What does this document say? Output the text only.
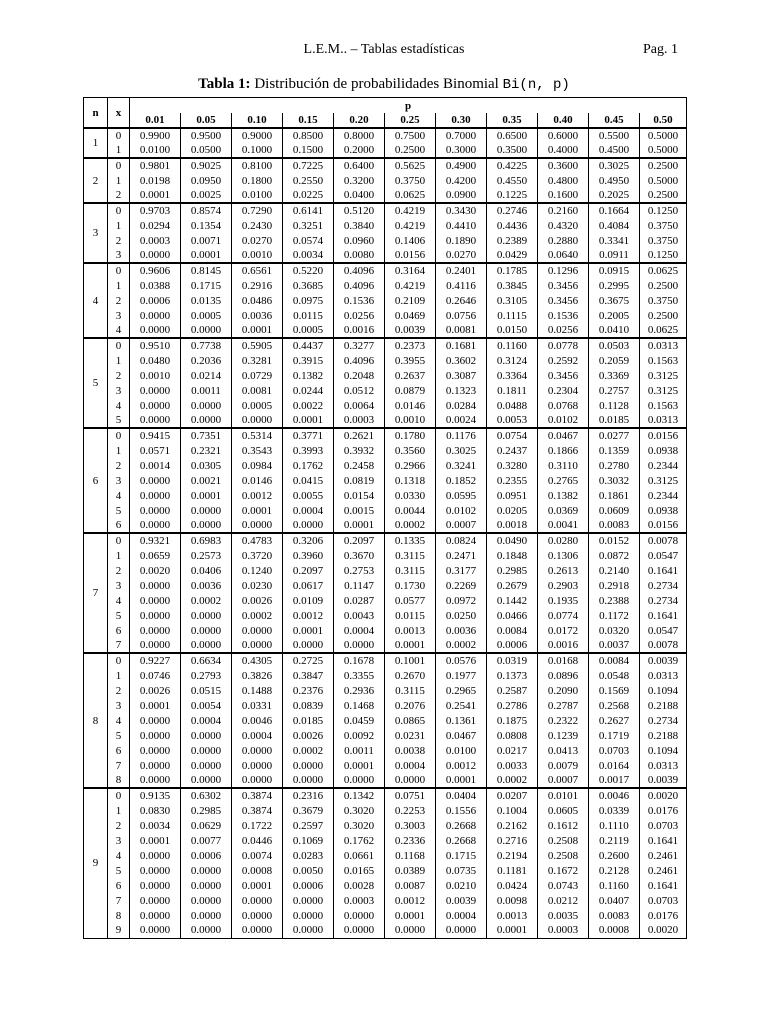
L.E.M.. – Tablas estadísticas	Pag. 1
Tabla 1: Distribución de probabilidades Binomial Bi(n, p)
n	x	p										
		0.01	0.05	0.10	0.15	0.20	0.25	0.30	0.35	0.40	0.45	0.50
1	0	0.9900	0.9500	0.9000	0.8500	0.8000	0.7500	0.7000	0.6500	0.6000	0.5500	0.5000
	1	0.0100	0.0500	0.1000	0.1500	0.2000	0.2500	0.3000	0.3500	0.4000	0.4500	0.5000
2	0	0.9801	0.9025	0.8100	0.7225	0.6400	0.5625	0.4900	0.4225	0.3600	0.3025	0.2500
	1	0.0198	0.0950	0.1800	0.2550	0.3200	0.3750	0.4200	0.4550	0.4800	0.4950	0.5000
	2	0.0001	0.0025	0.0100	0.0225	0.0400	0.0625	0.0900	0.1225	0.1600	0.2025	0.2500
3	0	0.9703	0.8574	0.7290	0.6141	0.5120	0.4219	0.3430	0.2746	0.2160	0.1664	0.1250
	1	0.0294	0.1354	0.2430	0.3251	0.3840	0.4219	0.4410	0.4436	0.4320	0.4084	0.3750
	2	0.0003	0.0071	0.0270	0.0574	0.0960	0.1406	0.1890	0.2389	0.2880	0.3341	0.3750
	3	0.0000	0.0001	0.0010	0.0034	0.0080	0.0156	0.0270	0.0429	0.0640	0.0911	0.1250
4	0	0.9606	0.8145	0.6561	0.5220	0.4096	0.3164	0.2401	0.1785	0.1296	0.0915	0.0625
	1	0.0388	0.1715	0.2916	0.3685	0.4096	0.4219	0.4116	0.3845	0.3456	0.2995	0.2500
	2	0.0006	0.0135	0.0486	0.0975	0.1536	0.2109	0.2646	0.3105	0.3456	0.3675	0.3750
	3	0.0000	0.0005	0.0036	0.0115	0.0256	0.0469	0.0756	0.1115	0.1536	0.2005	0.2500
	4	0.0000	0.0000	0.0001	0.0005	0.0016	0.0039	0.0081	0.0150	0.0256	0.0410	0.0625
5	0	0.9510	0.7738	0.5905	0.4437	0.3277	0.2373	0.1681	0.1160	0.0778	0.0503	0.0313
	1	0.0480	0.2036	0.3281	0.3915	0.4096	0.3955	0.3602	0.3124	0.2592	0.2059	0.1563
	2	0.0010	0.0214	0.0729	0.1382	0.2048	0.2637	0.3087	0.3364	0.3456	0.3369	0.3125
	3	0.0000	0.0011	0.0081	0.0244	0.0512	0.0879	0.1323	0.1811	0.2304	0.2757	0.3125
	4	0.0000	0.0000	0.0005	0.0022	0.0064	0.0146	0.0284	0.0488	0.0768	0.1128	0.1563
	5	0.0000	0.0000	0.0000	0.0001	0.0003	0.0010	0.0024	0.0053	0.0102	0.0185	0.0313
6	0	0.9415	0.7351	0.5314	0.3771	0.2621	0.1780	0.1176	0.0754	0.0467	0.0277	0.0156
	1	0.0571	0.2321	0.3543	0.3993	0.3932	0.3560	0.3025	0.2437	0.1866	0.1359	0.0938
	2	0.0014	0.0305	0.0984	0.1762	0.2458	0.2966	0.3241	0.3280	0.3110	0.2780	0.2344
	3	0.0000	0.0021	0.0146	0.0415	0.0819	0.1318	0.1852	0.2355	0.2765	0.3032	0.3125
	4	0.0000	0.0001	0.0012	0.0055	0.0154	0.0330	0.0595	0.0951	0.1382	0.1861	0.2344
	5	0.0000	0.0000	0.0001	0.0004	0.0015	0.0044	0.0102	0.0205	0.0369	0.0609	0.0938
	6	0.0000	0.0000	0.0000	0.0000	0.0001	0.0002	0.0007	0.0018	0.0041	0.0083	0.0156
7	0	0.9321	0.6983	0.4783	0.3206	0.2097	0.1335	0.0824	0.0490	0.0280	0.0152	0.0078
	1	0.0659	0.2573	0.3720	0.3960	0.3670	0.3115	0.2471	0.1848	0.1306	0.0872	0.0547
	2	0.0020	0.0406	0.1240	0.2097	0.2753	0.3115	0.3177	0.2985	0.2613	0.2140	0.1641
	3	0.0000	0.0036	0.0230	0.0617	0.1147	0.1730	0.2269	0.2679	0.2903	0.2918	0.2734
	4	0.0000	0.0002	0.0026	0.0109	0.0287	0.0577	0.0972	0.1442	0.1935	0.2388	0.2734
	5	0.0000	0.0000	0.0002	0.0012	0.0043	0.0115	0.0250	0.0466	0.0774	0.1172	0.1641
	6	0.0000	0.0000	0.0000	0.0001	0.0004	0.0013	0.0036	0.0084	0.0172	0.0320	0.0547
	7	0.0000	0.0000	0.0000	0.0000	0.0000	0.0001	0.0002	0.0006	0.0016	0.0037	0.0078
8	0	0.9227	0.6634	0.4305	0.2725	0.1678	0.1001	0.0576	0.0319	0.0168	0.0084	0.0039
	1	0.0746	0.2793	0.3826	0.3847	0.3355	0.2670	0.1977	0.1373	0.0896	0.0548	0.0313
	2	0.0026	0.0515	0.1488	0.2376	0.2936	0.3115	0.2965	0.2587	0.2090	0.1569	0.1094
	3	0.0001	0.0054	0.0331	0.0839	0.1468	0.2076	0.2541	0.2786	0.2787	0.2568	0.2188
	4	0.0000	0.0004	0.0046	0.0185	0.0459	0.0865	0.1361	0.1875	0.2322	0.2627	0.2734
	5	0.0000	0.0000	0.0004	0.0026	0.0092	0.0231	0.0467	0.0808	0.1239	0.1719	0.2188
	6	0.0000	0.0000	0.0000	0.0002	0.0011	0.0038	0.0100	0.0217	0.0413	0.0703	0.1094
	7	0.0000	0.0000	0.0000	0.0000	0.0001	0.0004	0.0012	0.0033	0.0079	0.0164	0.0313
	8	0.0000	0.0000	0.0000	0.0000	0.0000	0.0000	0.0001	0.0002	0.0007	0.0017	0.0039
9	0	0.9135	0.6302	0.3874	0.2316	0.1342	0.0751	0.0404	0.0207	0.0101	0.0046	0.0020
	1	0.0830	0.2985	0.3874	0.3679	0.3020	0.2253	0.1556	0.1004	0.0605	0.0339	0.0176
	2	0.0034	0.0629	0.1722	0.2597	0.3020	0.3003	0.2668	0.2162	0.1612	0.1110	0.0703
	3	0.0001	0.0077	0.0446	0.1069	0.1762	0.2336	0.2668	0.2716	0.2508	0.2119	0.1641
	4	0.0000	0.0006	0.0074	0.0283	0.0661	0.1168	0.1715	0.2194	0.2508	0.2600	0.2461
	5	0.0000	0.0000	0.0008	0.0050	0.0165	0.0389	0.0735	0.1181	0.1672	0.2128	0.2461
	6	0.0000	0.0000	0.0001	0.0006	0.0028	0.0087	0.0210	0.0424	0.0743	0.1160	0.1641
	7	0.0000	0.0000	0.0000	0.0000	0.0003	0.0012	0.0039	0.0098	0.0212	0.0407	0.0703
	8	0.0000	0.0000	0.0000	0.0000	0.0000	0.0001	0.0004	0.0013	0.0035	0.0083	0.0176
	9	0.0000	0.0000	0.0000	0.0000	0.0000	0.0000	0.0000	0.0001	0.0003	0.0008	0.0020
